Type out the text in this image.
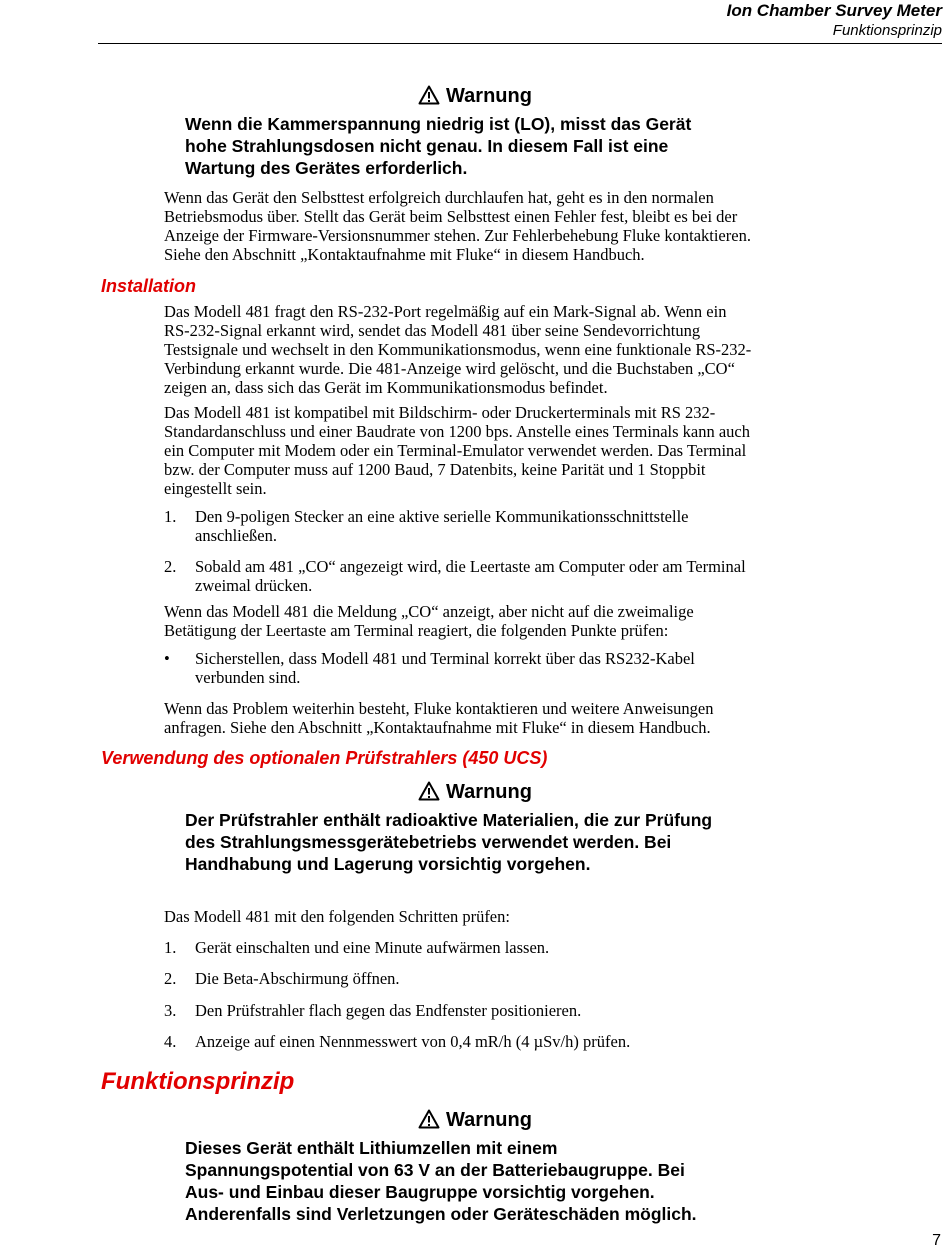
Ion Chamber Survey Meter
Funktionsprinzip
Warnung
Wenn die Kammerspannung niedrig ist (LO), misst das Gerät
hohe Strahlungsdosen nicht genau. In diesem Fall ist eine
Wartung des Gerätes erforderlich.
Wenn das Gerät den Selbsttest erfolgreich durchlaufen hat, geht es in den normalen
Betriebsmodus über. Stellt das Gerät beim Selbsttest einen Fehler fest, bleibt es bei der
Anzeige der Firmware-Versionsnummer stehen. Zur Fehlerbehebung Fluke kontaktieren.
Siehe den Abschnitt „Kontaktaufnahme mit Fluke“ in diesem Handbuch.
Installation
Das Modell 481 fragt den RS-232-Port regelmäßig auf ein Mark-Signal ab. Wenn ein
RS-232-Signal erkannt wird, sendet das Modell 481 über seine Sendevorrichtung
Testsignale und wechselt in den Kommunikationsmodus, wenn eine funktionale RS-232-
Verbindung erkannt wurde. Die 481-Anzeige wird gelöscht, und die Buchstaben „CO“
zeigen an, dass sich das Gerät im Kommunikationsmodus befindet.
Das Modell 481 ist kompatibel mit Bildschirm- oder Druckerterminals mit RS 232-
Standardanschluss und einer Baudrate von 1200 bps. Anstelle eines Terminals kann auch
ein Computer mit Modem oder ein Terminal-Emulator verwendet werden. Das Terminal
bzw. der Computer muss auf 1200 Baud, 7 Datenbits, keine Parität und 1 Stoppbit
eingestellt sein.
1. Den 9-poligen Stecker an eine aktive serielle Kommunikationsschnittstelle
anschließen.
2. Sobald am 481 „CO“ angezeigt wird, die Leertaste am Computer oder am Terminal
zweimal drücken.
Wenn das Modell 481 die Meldung „CO“ anzeigt, aber nicht auf die zweimalige
Betätigung der Leertaste am Terminal reagiert, die folgenden Punkte prüfen:
• Sicherstellen, dass Modell 481 und Terminal korrekt über das RS232-Kabel
verbunden sind.
Wenn das Problem weiterhin besteht, Fluke kontaktieren und weitere Anweisungen
anfragen. Siehe den Abschnitt „Kontaktaufnahme mit Fluke“ in diesem Handbuch.
Verwendung des optionalen Prüfstrahlers (450 UCS)
Warnung
Der Prüfstrahler enthält radioaktive Materialien, die zur Prüfung
des Strahlungsmessgerätebetriebs verwendet werden. Bei
Handhabung und Lagerung vorsichtig vorgehen.
Das Modell 481 mit den folgenden Schritten prüfen:
1. Gerät einschalten und eine Minute aufwärmen lassen.
2. Die Beta-Abschirmung öffnen.
3. Den Prüfstrahler flach gegen das Endfenster positionieren.
4. Anzeige auf einen Nennmesswert von 0,4 mR/h (4 µSv/h) prüfen.
Funktionsprinzip
Warnung
Dieses Gerät enthält Lithiumzellen mit einem
Spannungspotential von 63 V an der Batteriebaugruppe. Bei
Aus- und Einbau dieser Baugruppe vorsichtig vorgehen.
Anderenfalls sind Verletzungen oder Geräteschäden möglich.
7
